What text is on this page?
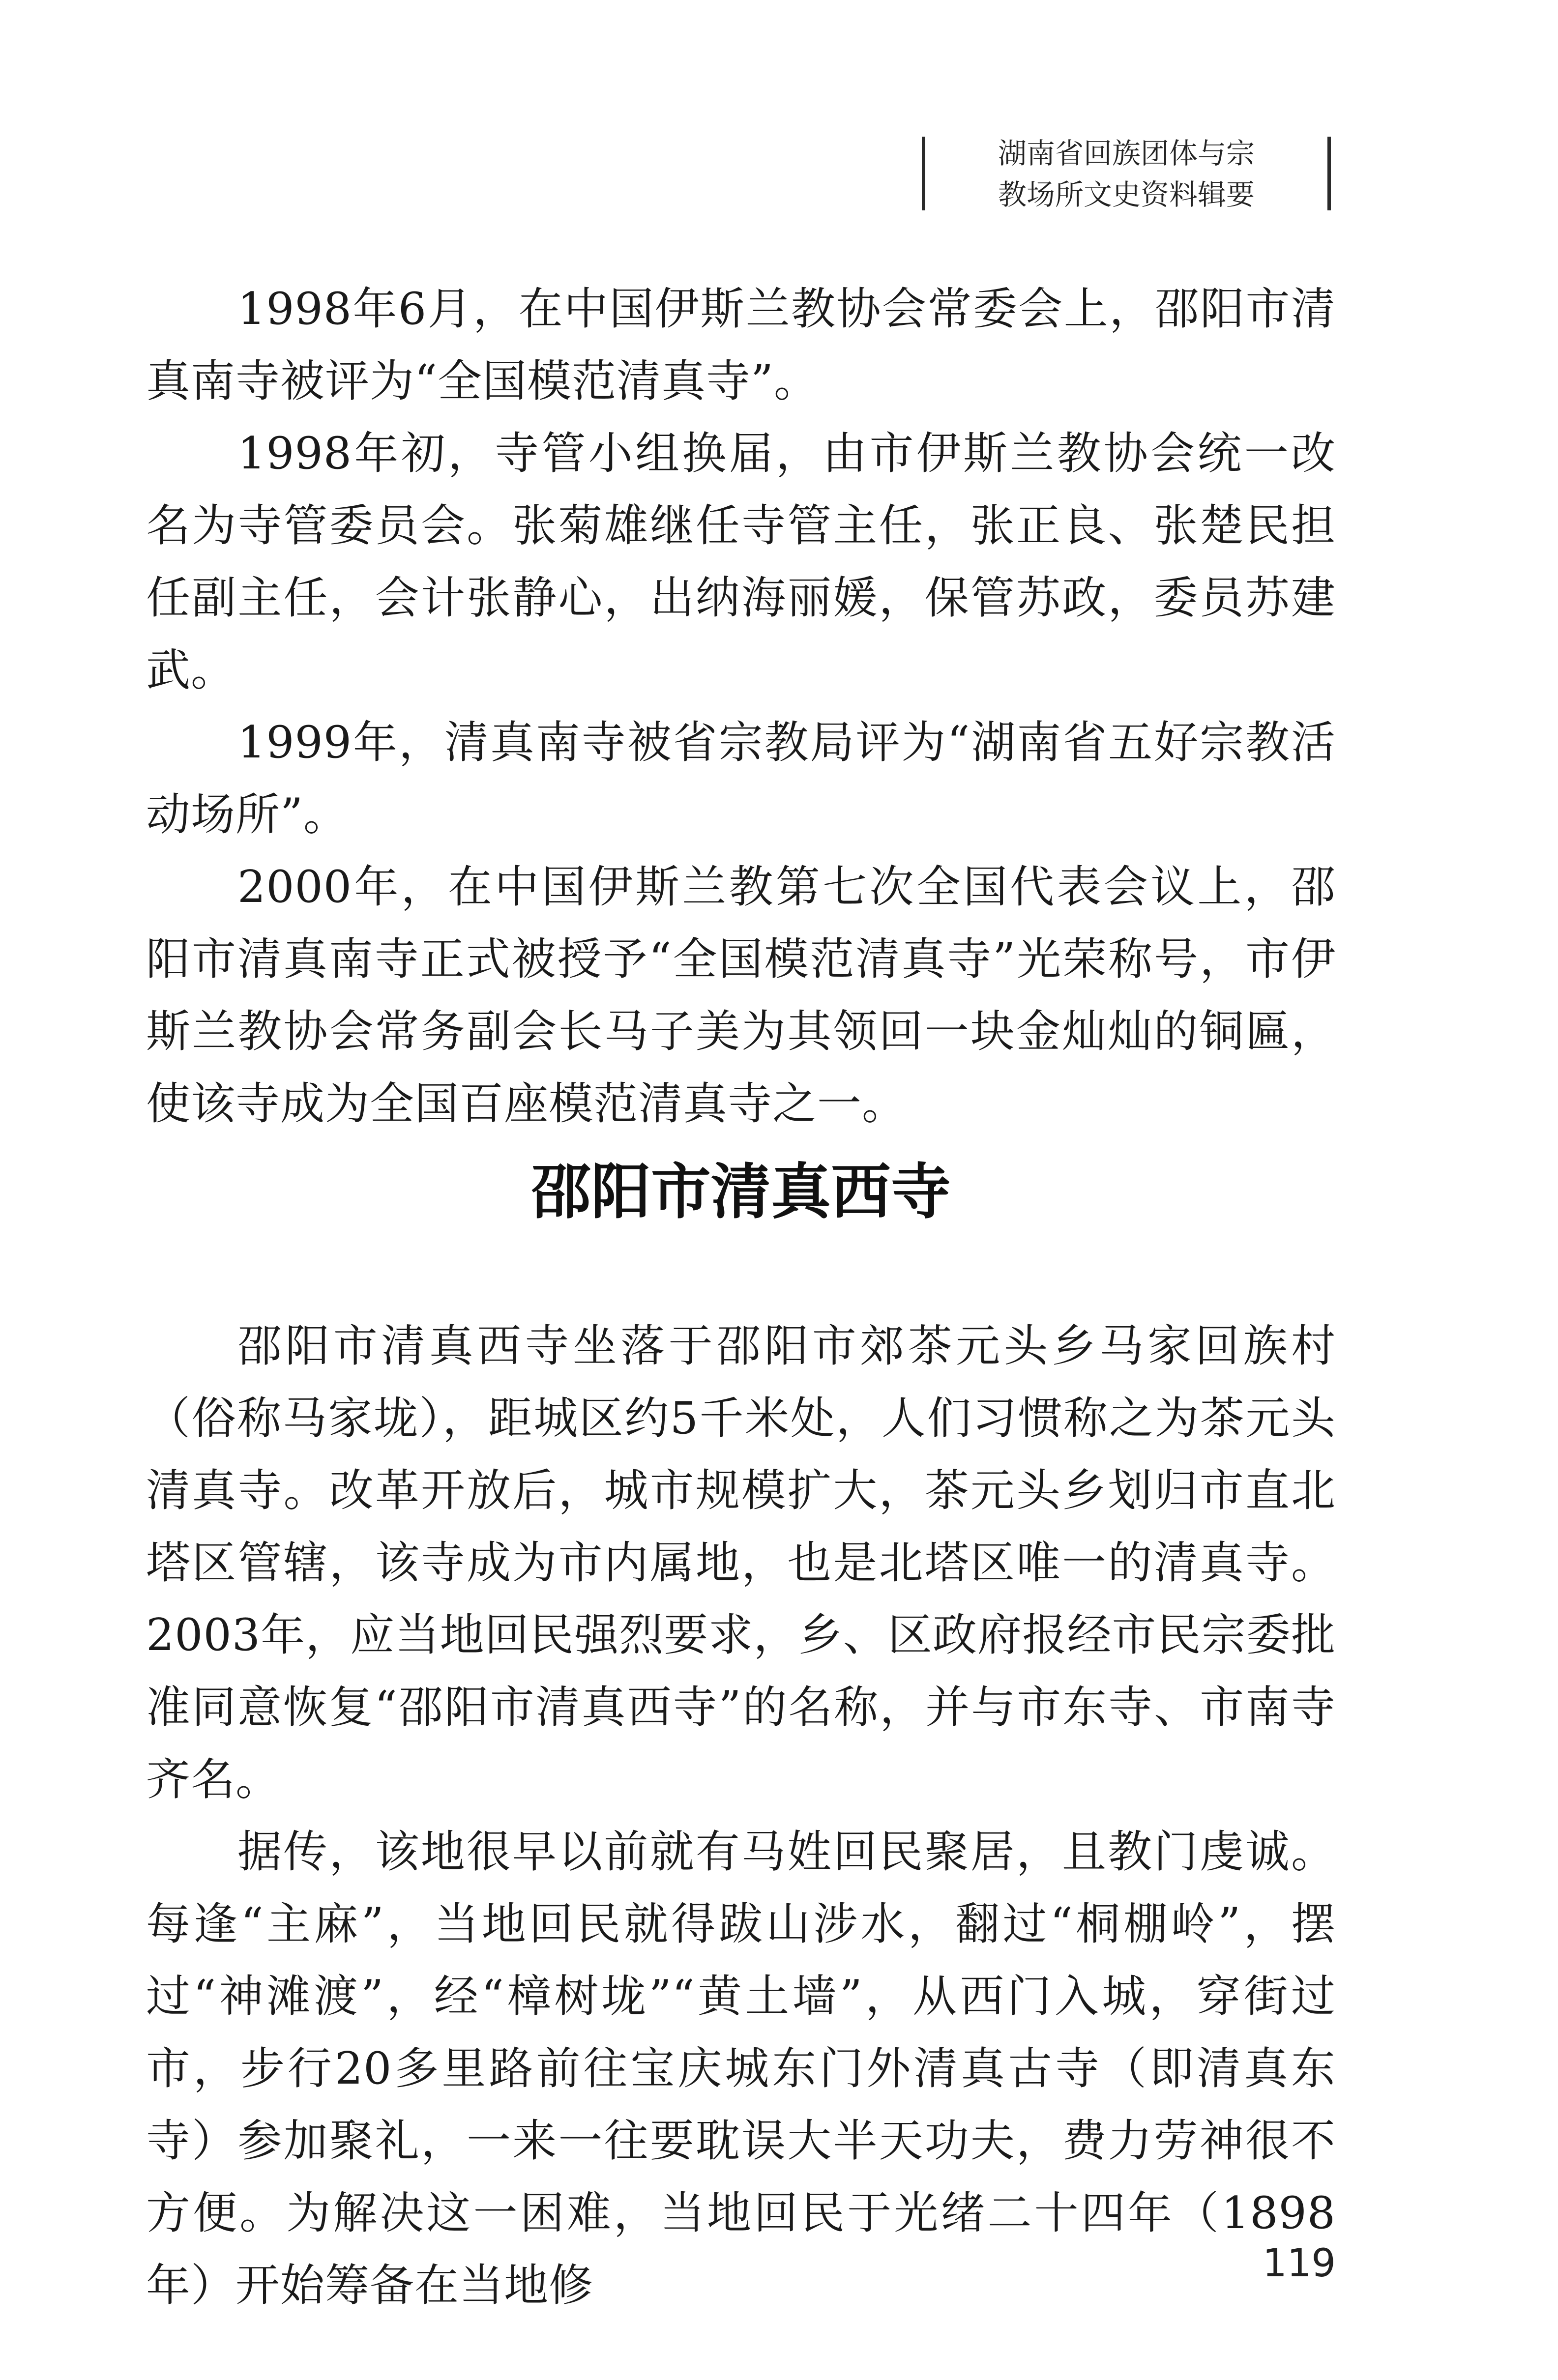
湖南省回族团体与宗
教场所文史资料辑要

1998年6月，在中国伊斯兰教协会常委会上，邵阳市清真南寺被评为“全国模范清真寺”。

1998年初，寺管小组换届，由市伊斯兰教协会统一改名为寺管委员会。张菊雄继任寺管主任，张正良、张楚民担任副主任，会计张静心，出纳海丽媛，保管苏政，委员苏建武。

1999年，清真南寺被省宗教局评为“湖南省五好宗教活动场所”。

2000年，在中国伊斯兰教第七次全国代表会议上，邵阳市清真南寺正式被授予“全国模范清真寺”光荣称号，市伊斯兰教协会常务副会长马子美为其领回一块金灿灿的铜匾，使该寺成为全国百座模范清真寺之一。

邵阳市清真西寺

邵阳市清真西寺坐落于邵阳市郊茶元头乡马家回族村（俗称马家垅），距城区约5千米处，人们习惯称之为茶元头清真寺。改革开放后，城市规模扩大，茶元头乡划归市直北塔区管辖，该寺成为市内属地，也是北塔区唯一的清真寺。2003年，应当地回民强烈要求，乡、区政府报经市民宗委批准同意恢复“邵阳市清真西寺”的名称，并与市东寺、市南寺齐名。

据传，该地很早以前就有马姓回民聚居，且教门虔诚。每逢“主麻”，当地回民就得跋山涉水，翻过“桐棚岭”，摆过“神滩渡”，经“樟树垅”“黄土墙”，从西门入城，穿街过市，步行20多里路前往宝庆城东门外清真古寺（即清真东寺）参加聚礼，一来一往要耽误大半天功夫，费力劳神很不方便。为解决这一困难，当地回民于光绪二十四年（1898年）开始筹备在当地修	119
